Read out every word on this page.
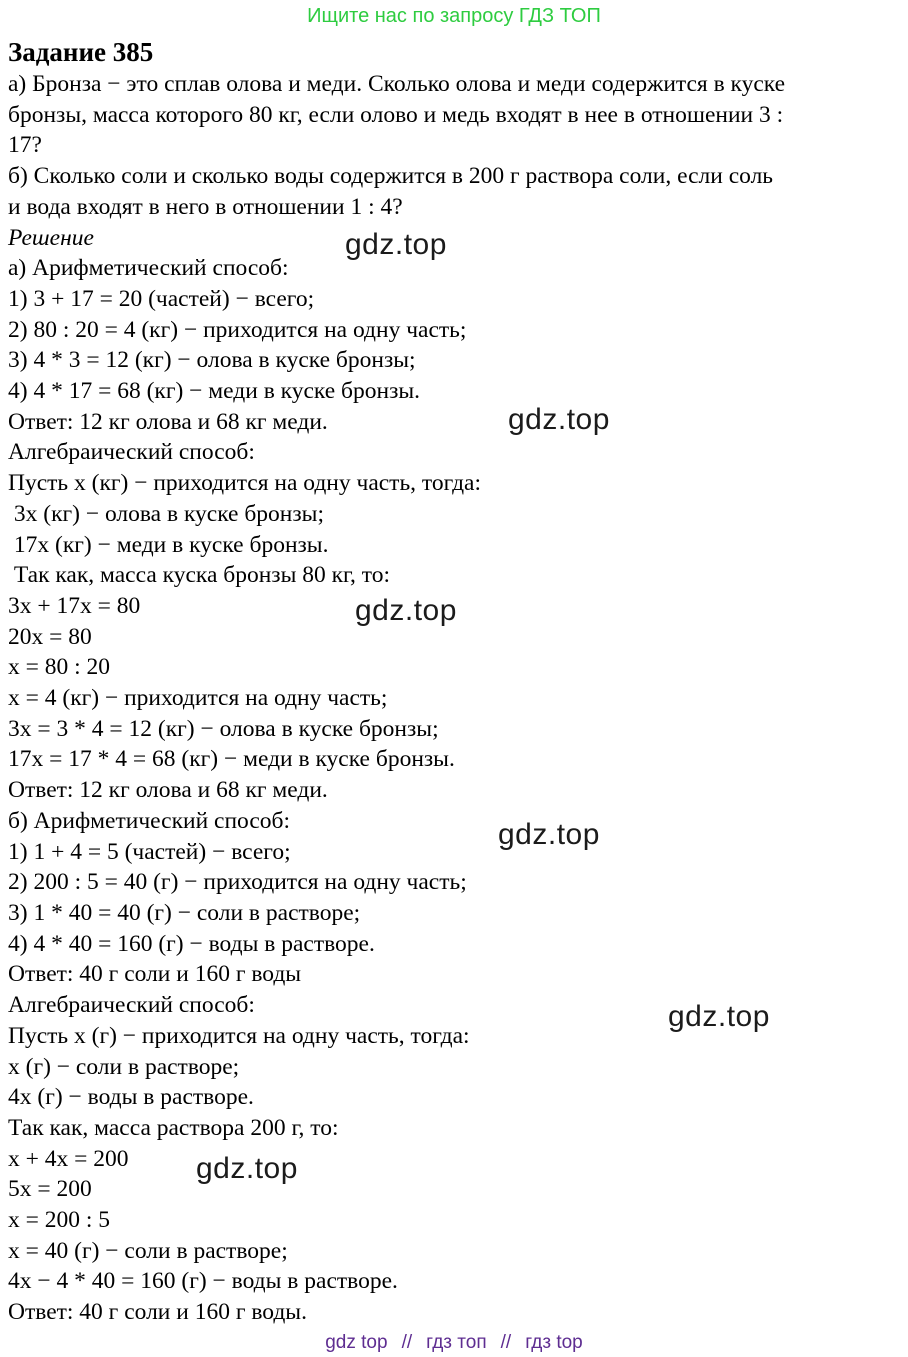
Ищите нас по запросу ГДЗ ТОП
Задание 385

а) Бронза − это сплав олова и меди. Сколько олова и меди содержится в куске

бронзы, масса которого 80 кг, если олово и медь входят в нее в отношении 3 :

17?

б) Сколько соли и сколько воды содержится в 200 г раствора соли, если соль

и вода входят в него в отношении 1 : 4?

Решение

а) Арифметический способ:

1) 3 + 17 = 20 (частей) − всего;

2) 80 : 20 = 4 (кг) − приходится на одну часть;

3) 4 * 3 = 12 (кг) − олова в куске бронзы;

4) 4 * 17 = 68 (кг) − меди в куске бронзы.

Ответ: 12 кг олова и 68 кг меди.

Алгебраический способ:

Пусть x (кг) − приходится на одну часть, тогда:

3x (кг) − олова в куске бронзы;

17x (кг) − меди в куске бронзы.

Так как, масса куска бронзы 80 кг, то:

3x + 17x = 80

20x = 80

x = 80 : 20

x = 4 (кг) − приходится на одну часть;

3x = 3 * 4 = 12 (кг) − олова в куске бронзы;

17x = 17 * 4 = 68 (кг) − меди в куске бронзы.

Ответ: 12 кг олова и 68 кг меди.

б) Арифметический способ:

1) 1 + 4 = 5 (частей) − всего;

2) 200 : 5 = 40 (г) − приходится на одну часть;

3) 1 * 40 = 40 (г) − соли в растворе;

4) 4 * 40 = 160 (г) − воды в растворе.

Ответ: 40 г соли и 160 г воды

Алгебраический способ:

Пусть x (г) − приходится на одну часть, тогда:

x (г) − соли в растворе;

4x (г) − воды в растворе.

Так как, масса раствора 200 г, то:

x + 4x = 200

5x = 200

x = 200 : 5

x = 40 (г) − соли в растворе;

4x − 4 * 40 = 160 (г) − воды в растворе.

Ответ: 40 г соли и 160 г воды.

gdz.top
gdz.top
gdz.top
gdz.top
gdz.top
gdz.top
gdz top // гдз топ // гдз top
